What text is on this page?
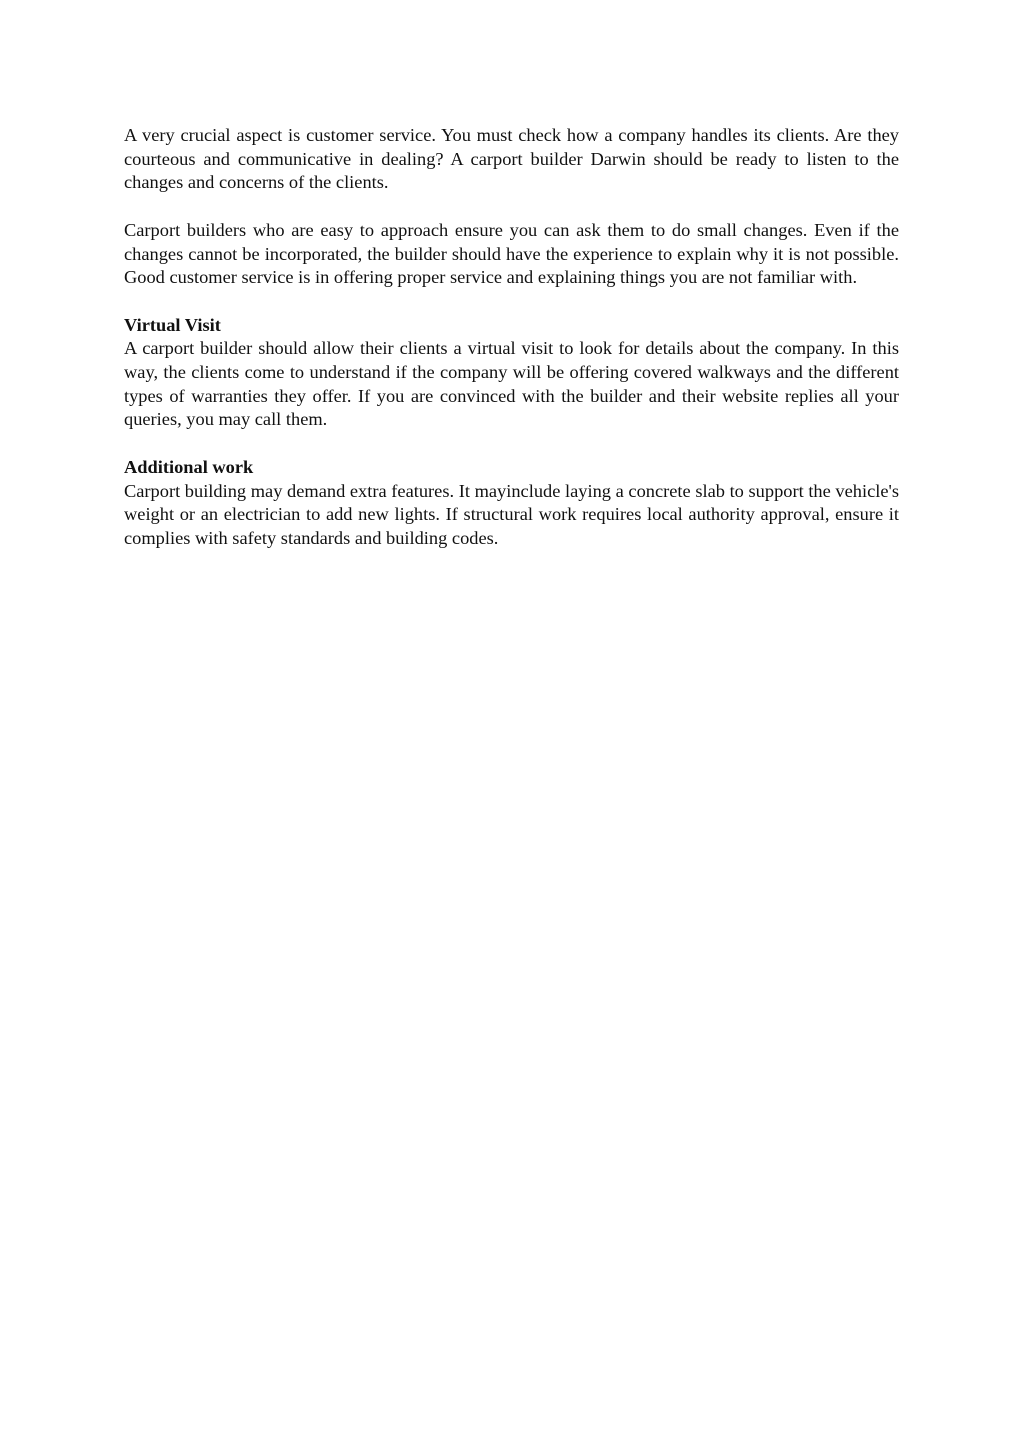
A very crucial aspect is customer service. You must check how a company handles its clients. Are they courteous and communicative in dealing? A carport builder Darwin should be ready to listen to the changes and concerns of the clients.

Carport builders who are easy to approach ensure you can ask them to do small changes. Even if the changes cannot be incorporated, the builder should have the experience to explain why it is not possible. Good customer service is in offering proper service and explaining things you are not familiar with.

Virtual Visit

A carport builder should allow their clients a virtual visit to look for details about the company. In this way, the clients come to understand if the company will be offering covered walkways and the different types of warranties they offer. If you are convinced with the builder and their website replies all your queries, you may call them.

Additional work

Carport building may demand extra features. It mayinclude laying a concrete slab to support the vehicle's weight or an electrician to add new lights. If structural work requires local authority approval, ensure it complies with safety standards and building codes.
